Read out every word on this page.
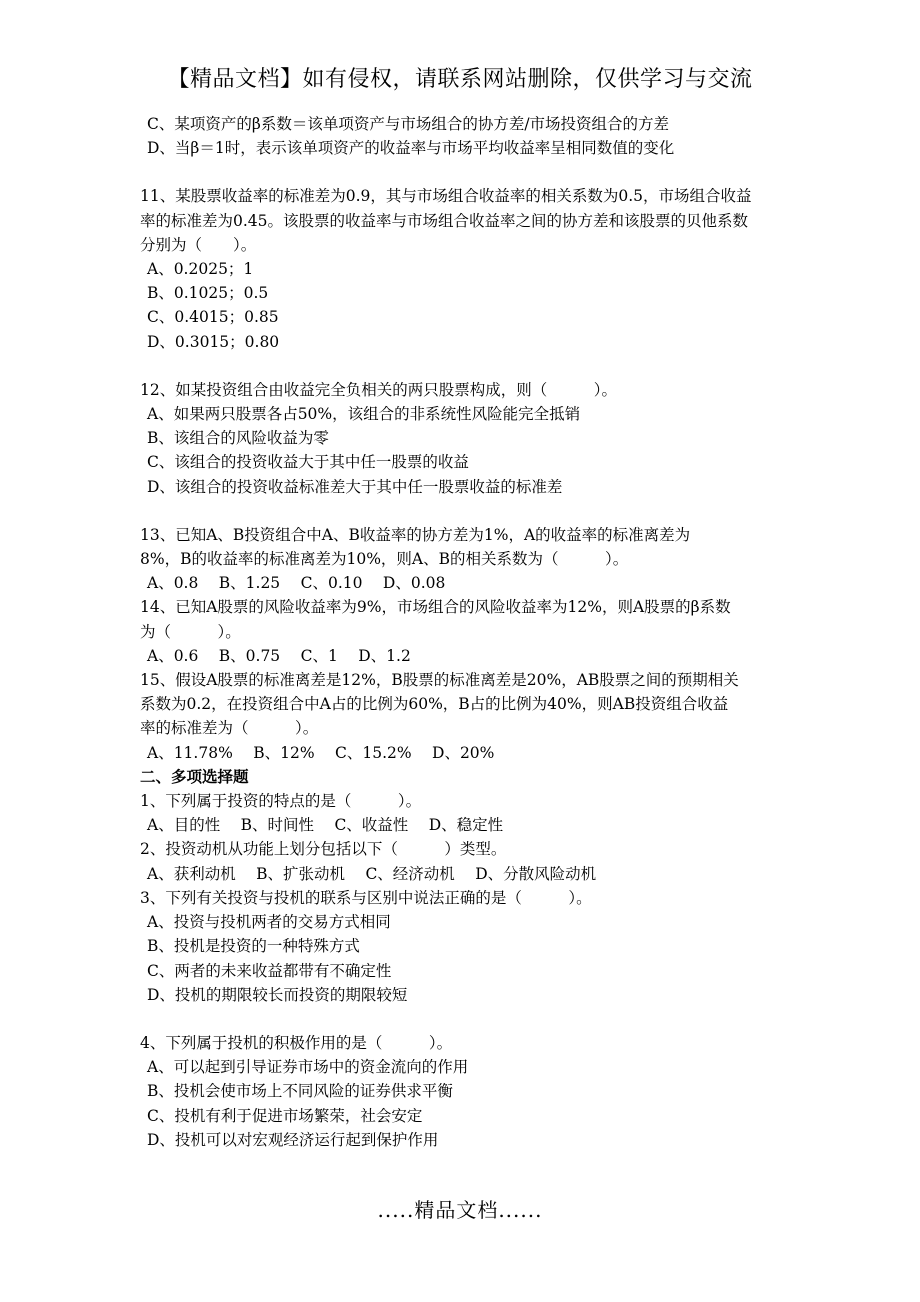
【精品文档】如有侵权，请联系网站删除，仅供学习与交流
C、某项资产的β系数＝该单项资产与市场组合的协方差/市场投资组合的方差
D、当β＝1时，表示该单项资产的收益率与市场平均收益率呈相同数值的变化
11、某股票收益率的标准差为0.9，其与市场组合收益率的相关系数为0.5，市场组合收益
率的标准差为0.45。该股票的收益率与市场组合收益率之间的协方差和该股票的贝他系数
分别为（　　）。
A、0.2025；1
B、0.1025；0.5
C、0.4015；0.85
D、0.3015；0.80
12、如某投资组合由收益完全负相关的两只股票构成，则（　　　）。
A、如果两只股票各占50%，该组合的非系统性风险能完全抵销
B、该组合的风险收益为零
C、该组合的投资收益大于其中任一股票的收益
D、该组合的投资收益标准差大于其中任一股票收益的标准差
13、已知A、B投资组合中A、B收益率的协方差为1%，A的收益率的标准离差为
8%，B的收益率的标准离差为10%，则A、B的相关系数为（　　　）。
A、0.8　 B、1.25　 C、0.10　 D、0.08
14、已知A股票的风险收益率为9%，市场组合的风险收益率为12%，则A股票的β系数
为（　　　）。
A、0.6　 B、0.75　 C、1　 D、1.2
15、假设A股票的标准离差是12%，B股票的标准离差是20%，AB股票之间的预期相关
系数为0.2，在投资组合中A占的比例为60%，B占的比例为40%，则AB投资组合收益
率的标准差为（　　　）。
A、11.78%　 B、12%　 C、15.2%　 D、20%
二、多项选择题
1、下列属于投资的特点的是（　　　）。
A、目的性　 B、时间性　 C、收益性　 D、稳定性
2、投资动机从功能上划分包括以下（　　　）类型。
A、获利动机　 B、扩张动机　 C、经济动机　 D、分散风险动机
3、下列有关投资与投机的联系与区别中说法正确的是（　　　）。
A、投资与投机两者的交易方式相同
B、投机是投资的一种特殊方式
C、两者的未来收益都带有不确定性
D、投机的期限较长而投资的期限较短
4、下列属于投机的积极作用的是（　　　）。
A、可以起到引导证券市场中的资金流向的作用
B、投机会使市场上不同风险的证券供求平衡
C、投机有利于促进市场繁荣，社会安定
D、投机可以对宏观经济运行起到保护作用
.....精品文档......
